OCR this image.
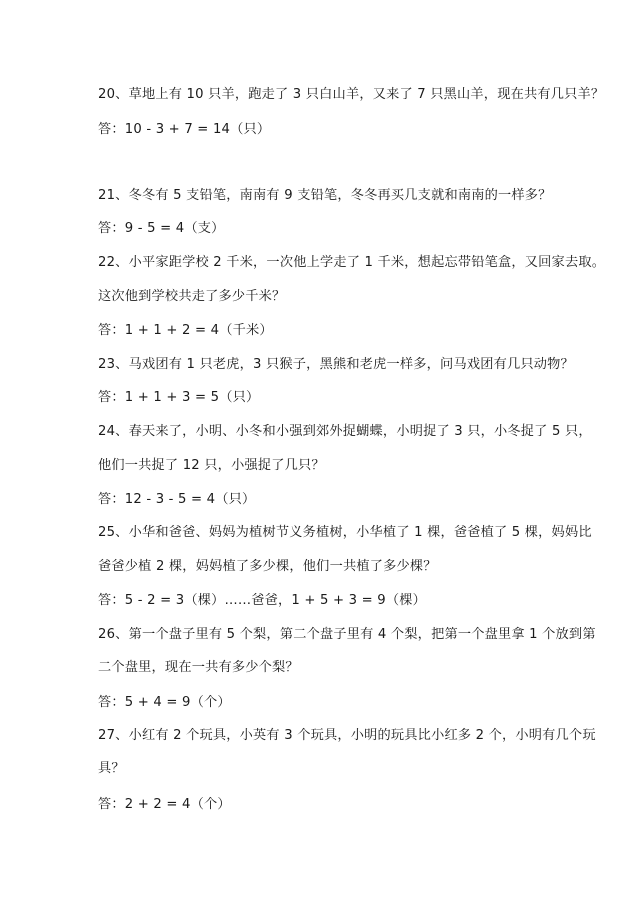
20、草地上有 10 只羊，跑走了 3 只白山羊，又来了 7 只黑山羊，现在共有几只羊？
答：10 - 3 + 7 = 14（只）
21、冬冬有 5 支铅笔，南南有 9 支铅笔，冬冬再买几支就和南南的一样多？
答：9 - 5 = 4（支）
22、小平家距学校 2 千米，一次他上学走了 1 千米，想起忘带铅笔盒，又回家去取。
这次他到学校共走了多少千米？
答：1 + 1 + 2 = 4（千米）
23、马戏团有 1 只老虎，3 只猴子，黑熊和老虎一样多，问马戏团有几只动物？
答：1 + 1 + 3 = 5（只）
24、春天来了，小明、小冬和小强到郊外捉蝴蝶，小明捉了 3 只，小冬捉了 5 只，
他们一共捉了 12 只，小强捉了几只？
答：12 - 3 - 5 = 4（只）
25、小华和爸爸、妈妈为植树节义务植树，小华植了 1 棵，爸爸植了 5 棵，妈妈比
爸爸少植 2 棵，妈妈植了多少棵，他们一共植了多少棵？
答：5 - 2 = 3（棵）……爸爸，1 + 5 + 3 = 9（棵）
26、第一个盘子里有 5 个梨，第二个盘子里有 4 个梨，把第一个盘里拿 1 个放到第
二个盘里，现在一共有多少个梨？
答：5 + 4 = 9（个）
27、小红有 2 个玩具，小英有 3 个玩具，小明的玩具比小红多 2 个，小明有几个玩
具？
答：2 + 2 = 4（个）
